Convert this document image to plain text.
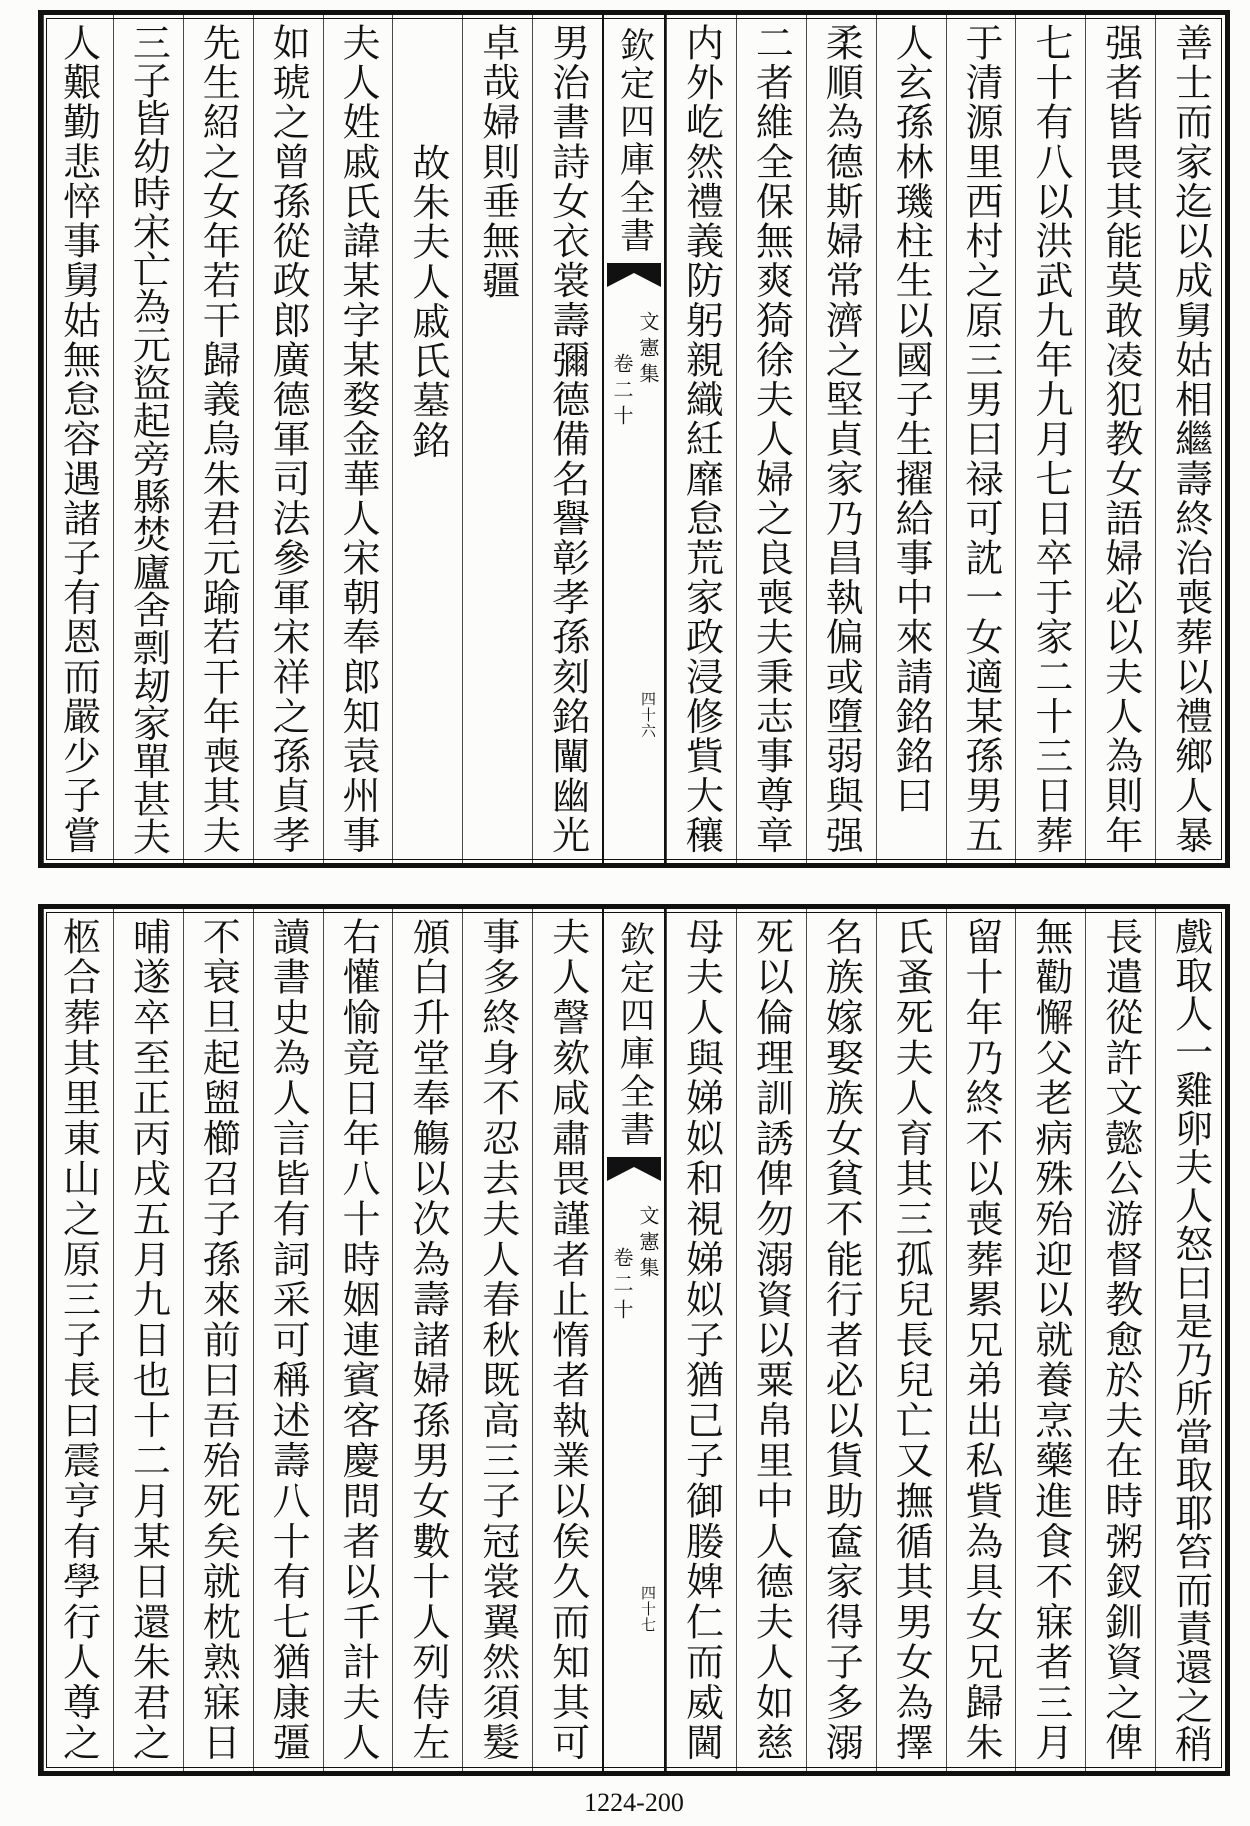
善士而家迄以成舅姑相繼壽終治喪葬以禮鄉人暴
强者皆畏其能莫敢凌犯教女語婦必以夫人為則年
七十有八以洪武九年九月七日卒于家二十三日葬
于清源里西村之原三男曰禄可訦一女適某孫男五
人玄孫林璣柱生以國子生擢給事中來請銘銘曰
柔順為德斯婦常濟之堅貞家乃昌執偏或墮弱與强
二者維全保無爽猗徐夫人婦之良喪夫秉志事尊章
内外屹然禮義防躬親織紝靡怠荒家政浸修貲大穰
欽定四庫全書
文憲集
卷二十
四十六
男治書詩女衣裳壽彌德備名譽彰孝孫刻銘闡幽光
卓哉婦則垂無疆
故朱夫人戚氏墓銘
夫人姓戚氏諱某字某婺金華人宋朝奉郎知袁州事
如琥之曾孫從政郎廣德軍司法參軍宋祥之孫貞孝
先生紹之女年若干歸義烏朱君元踰若干年喪其夫
三子皆幼時宋亡為元盜起旁縣焚廬舍剽刼家單甚夫
人艱勤悲悴事舅姑無怠容遇諸子有恩而嚴少子嘗
戲取人一雞卵夫人怒曰是乃所當取耶笞而責還之稍
長遣從許文懿公游督教愈於夫在時粥釵釧資之俾
無勸懈父老病殊殆迎以就養烹藥進食不寐者三月
留十年乃終不以喪葬累兄弟出私貲為具女兄歸朱
氏蚤死夫人育其三孤兒長兒亡又撫循其男女為擇
名族嫁娶族女貧不能行者必以貨助奩家得子多溺
死以倫理訓誘俾勿溺資以粟帛里中人德夫人如慈
母夫人與娣姒和視娣姒子猶己子御媵婢仁而威閫
欽定四庫全書
文憲集
卷二十
四十七
夫人謦欬咸肅畏謹者止惰者執業以俟久而知其可
事多終身不忍去夫人春秋既高三子冠裳翼然須髮
頒白升堂奉觴以次為壽諸婦孫男女數十人列侍左
右懽愉竟日年八十時姻連賓客慶問者以千計夫人
讀書史為人言皆有詞采可稱述壽八十有七猶康彊
不衰旦起盥櫛召子孫來前曰吾殆死矣就枕熟寐日
晡遂卒至正丙戌五月九日也十二月某日還朱君之
柩合葬其里東山之原三子長曰震亨有學行人尊之
1224-200
